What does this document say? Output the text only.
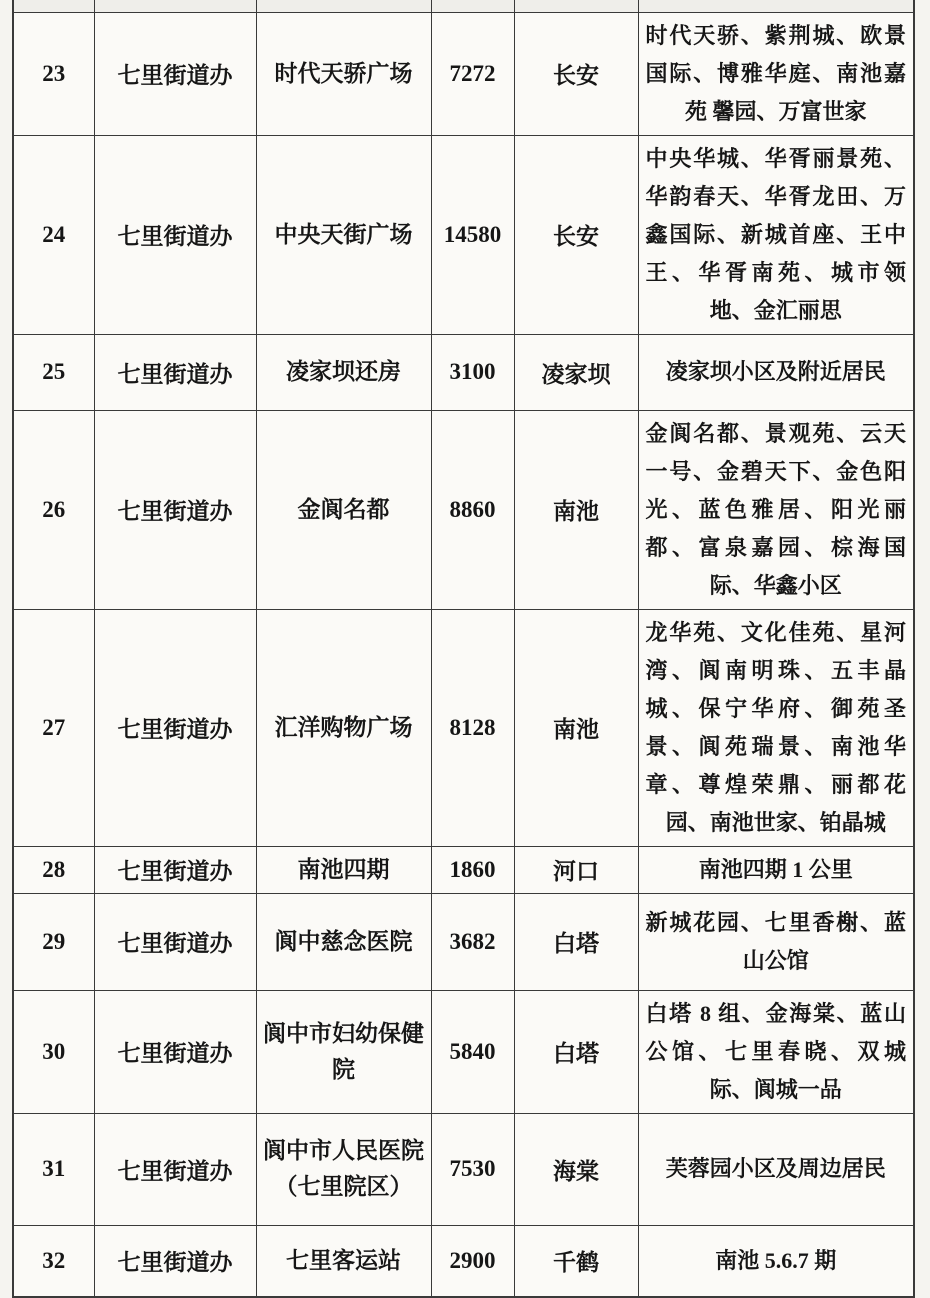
23	七里街道办	时代天骄广场	7272	长安	时代天骄、紫荆城、欧景国际、博雅华庭、南池嘉苑 馨园、万富世家
24	七里街道办	中央天街广场	14580	长安	中央华城、华胥丽景苑、华韵春天、华胥龙田、万鑫国际、新城首座、王中王、华胥南苑、城市领地、金汇丽思
25	七里街道办	凌家坝还房	3100	凌家坝	凌家坝小区及附近居民
26	七里街道办	金阆名都	8860	南池	金阆名都、景观苑、云天一号、金碧天下、金色阳光、蓝色雅居、阳光丽都、富泉嘉园、棕海国际、华鑫小区
27	七里街道办	汇洋购物广场	8128	南池	龙华苑、文化佳苑、星河湾、阆南明珠、五丰晶城、保宁华府、御苑圣景、阆苑瑞景、南池华章、尊煌荣鼎、丽都花园、南池世家、铂晶城
28	七里街道办	南池四期	1860	河口	南池四期 1 公里
29	七里街道办	阆中慈念医院	3682	白塔	新城花园、七里香榭、蓝山公馆
30	七里街道办	阆中市妇幼保健院	5840	白塔	白塔 8 组、金海棠、蓝山公馆、七里春晓、双城际、阆城一品
31	七里街道办	阆中市人民医院（七里院区）	7530	海棠	芙蓉园小区及周边居民
32	七里街道办	七里客运站	2900	千鹤	南池 5.6.7 期
